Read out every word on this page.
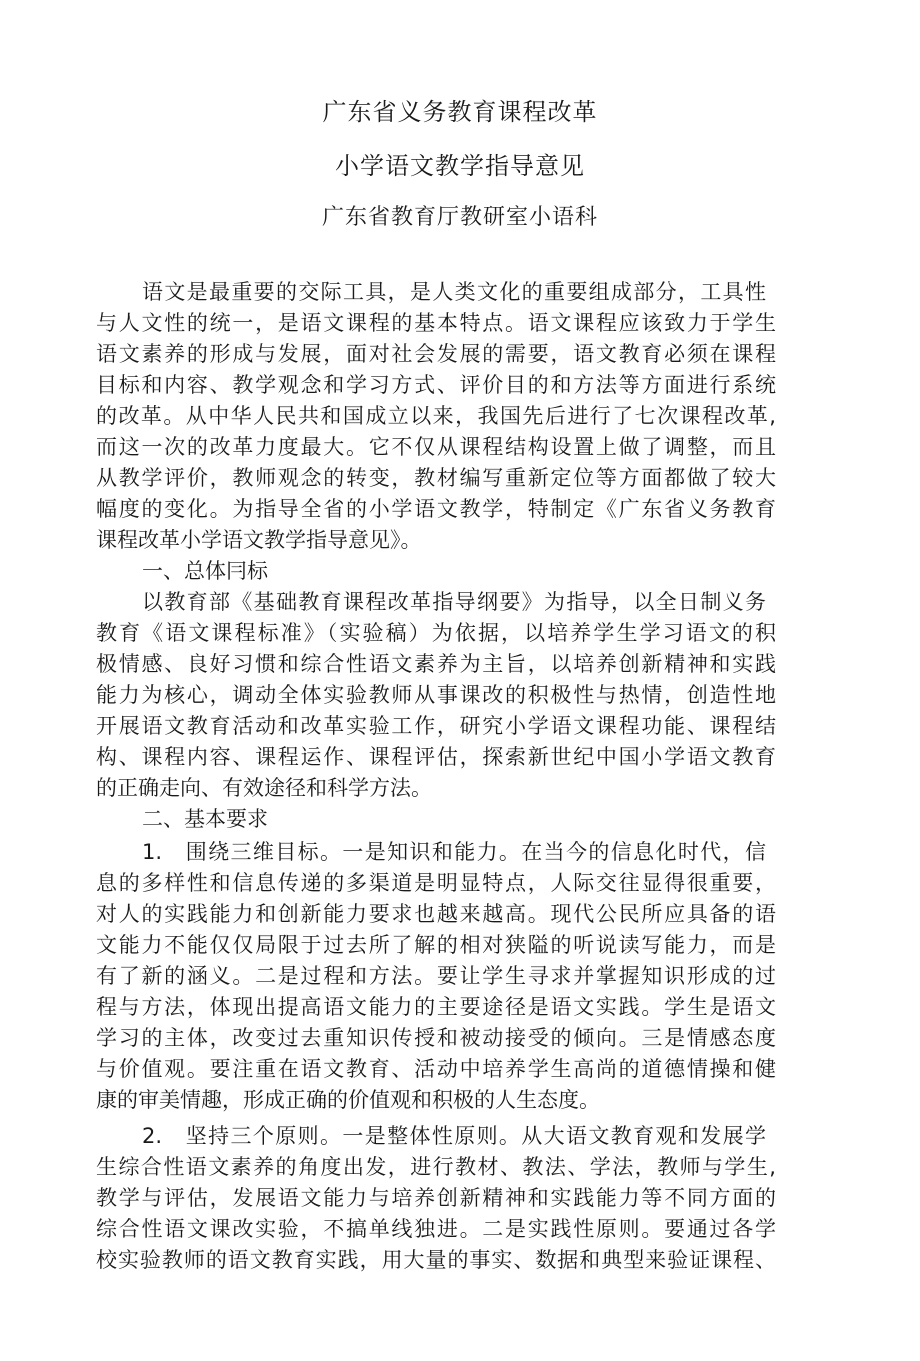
广东省义务教育课程改革
小学语文教学指导意见
广东省教育厅教研室小语科
语文是最重要的交际工具，是人类文化的重要组成部分，工具性
与人文性的统一，是语文课程的基本特点。语文课程应该致力于学生
语文素养的形成与发展，面对社会发展的需要，语文教育必须在课程
目标和内容、教学观念和学习方式、评价目的和方法等方面进行系统
的改革。从中华人民共和国成立以来，我国先后进行了七次课程改革,
而这一次的改革力度最大。它不仅从课程结构设置上做了调整，而且
从教学评价，教师观念的转变，教材编写重新定位等方面都做了较大
幅度的变化。为指导全省的小学语文教学，特制定《广东省义务教育
课程改革小学语文教学指导意见》。
一、总体冃标
以教育部《基础教育课程改革指导纲要》为指导，以全日制义务
教育《语文课程标准》（实验稿）为依据，以培养学生学习语文的积
极情感、良好习惯和综合性语文素养为主旨，以培养创新精神和实践
能力为核心，调动全体实验教师从事课改的积极性与热情，创造性地
开展语文教育活动和改革实验工作，研究小学语文课程功能、课程结
构、课程内容、课程运作、课程评估，探索新世纪中国小学语文教育
的正确走向、有效途径和科学方法。
二、基本要求
1.　围绕三维目标。一是知识和能力。在当今的信息化时代，信
息的多样性和信息传递的多渠道是明显特点，人际交往显得很重要，
对人的实践能力和创新能力要求也越来越高。现代公民所应具备的语
文能力不能仅仅局限于过去所了解的相对狭隘的听说读写能力，而是
有了新的涵义。二是过程和方法。要让学生寻求并掌握知识形成的过
程与方法，体现出提高语文能力的主要途径是语文实践。学生是语文
学习的主体，改变过去重知识传授和被动接受的倾向。三是情感态度
与价值观。要注重在语文教育、活动中培养学生高尚的道德情操和健
康的审美情趣，形成正确的价值观和积极的人生态度。
2.　坚持三个原则。一是整体性原则。从大语文教育观和发展学
生综合性语文素养的角度出发，进行教材、教法、学法，教师与学生,
教学与评估，发展语文能力与培养创新精神和实践能力等不同方面的
综合性语文课改实验，不搞单线独进。二是实践性原则。要通过各学
校实验教师的语文教育实践，用大量的事实、数据和典型来验证课程、
